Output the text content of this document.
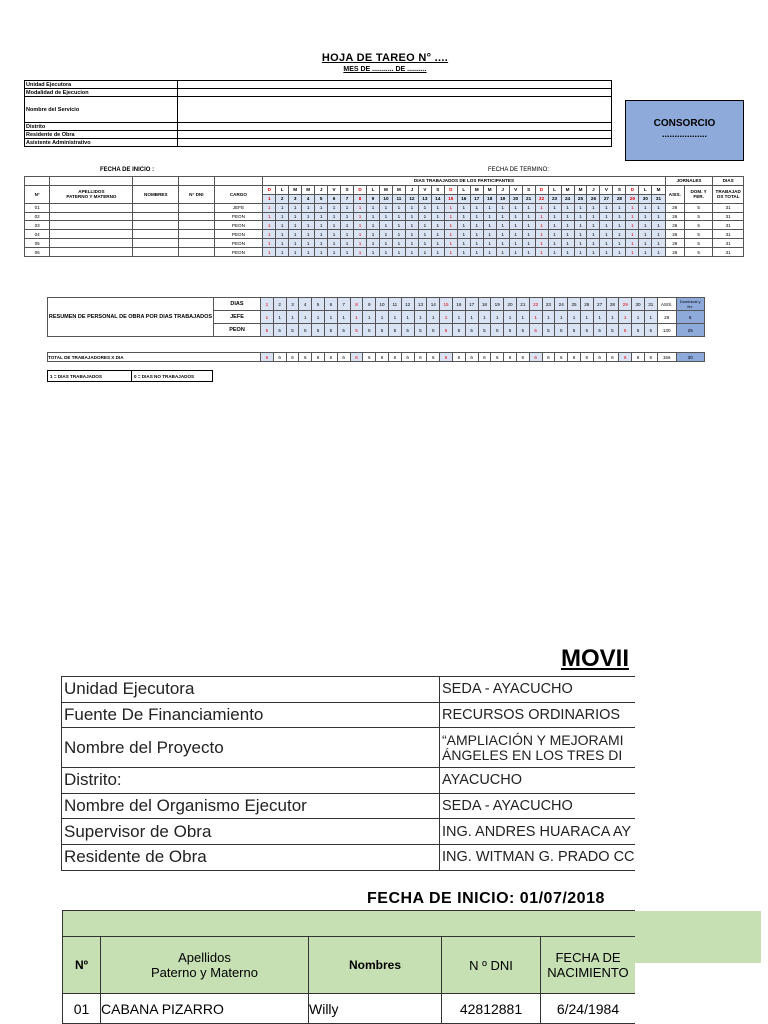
HOJA DE TAREO N° ....
MES DE ........... DE ..........
Unidad Ejecutora	
Modalidad de Ejecucion	
Nombre del Servicio	
Distrito	
Residente de Obra	
Asistente Administrativo	
CONSORCIO
..................
FECHA DE INICIO :	FECHA DE TERMINO:
					DIAS TRABAJADOS DE LOS PARTICIPANTES																															JORNALES		DIAS
N°	APELLIDOS
PATERNO Y MATERNO	NOMBRES	N° DNI	CARGO	D	L	M	M	J	V	S	D	L	M	M	J	V	S	D	L	M	M	J	V	S	D	L	M	M	J	V	S	D	L	M	ASIS.	DOM. Y FER.	TRABAJAD OS TOTAL
					1	2	3	4	5	6	7	8	9	10	11	12	13	14	15	16	17	18	19	20	21	22	23	24	25	26	27	28	29	30	31			
01				JEFE	1	1	1	1	1	1	1	1	1	1	1	1	1	1	1	1	1	1	1	1	1	1	1	1	1	1	1	1	1	1	1	26	5	31
02				PEON	1	1	1	1	1	1	1	1	1	1	1	1	1	1	1	1	1	1	1	1	1	1	1	1	1	1	1	1	1	1	1	26	5	31
03				PEON	1	1	1	1	1	1	1	1	1	1	1	1	1	1	1	1	1	1	1	1	1	1	1	1	1	1	1	1	1	1	1	26	5	31
04				PEON	1	1	1	1	1	1	1	1	1	1	1	1	1	1	1	1	1	1	1	1	1	1	1	1	1	1	1	1	1	1	1	26	5	31
05				PEON	1	1	1	1	1	1	1	1	1	1	1	1	1	1	1	1	1	1	1	1	1	1	1	1	1	1	1	1	1	1	1	26	5	31
06				PEON	1	1	1	1	1	1	1	1	1	1	1	1	1	1	1	1	1	1	1	1	1	1	1	1	1	1	1	1	1	1	1	26	5	31
RESUMEN DE PERSONAL DE OBRA POR DIAS TRABAJADOS	DIAS	1	2	3	4	5	6	7	8	9	10	11	12	13	14	15	16	17	18	19	20	21	22	23	24	25	26	27	28	29	30	31	ASIS.	Dominical y fer.
	JEFE	1	1	1	1	1	1	1	1	1	1	1	1	1	1	1	1	1	1	1	1	1	1	1	1	1	1	1	1	1	1	1	26	5
	PEON	5	5	5	5	5	5	5	5	5	5	5	5	5	5	5	5	5	5	5	5	5	5	5	5	5	5	5	5	5	5	5	130	25
TOTAL DE TRABAJADORES X DIA	6	6	6	6	6	6	6	6	6	6	6	6	6	6	6	6	6	6	6	6	6	6	6	6	6	6	6	6	6	6	6	156	30
1 = DIAS TRABAJADOS	0 = DIAS NO TRABAJADOS
MOVII
Unidad Ejecutora	SEDA - AYACUCHO
Fuente De Financiamiento	RECURSOS ORDINARIOS
Nombre del Proyecto	“AMPLIACIÓN Y MEJORAMI
ÁNGELES EN LOS TRES DI

Distrito:	AYACUCHO
Nombre del Organismo Ejecutor	SEDA - AYACUCHO
Supervisor de Obra	ING. ANDRES HUARACA AY
Residente de Obra	ING. WITMAN G. PRADO CC
FECHA DE INICIO: 01/07/2018

Nº	Apellidos
Paterno y Materno	Nombres	N º DNI	FECHA DE
NACIMIENTO	
01	CABANA PIZARRO	Willy	42812881	6/24/1984	
